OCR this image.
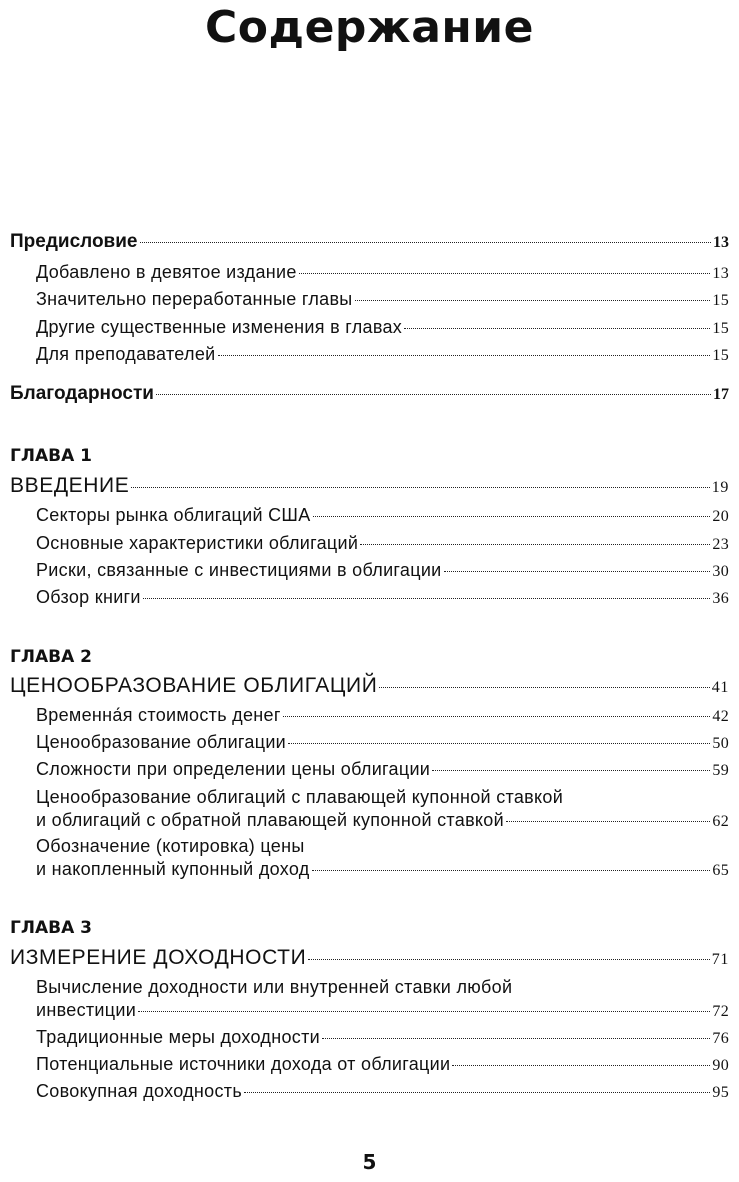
Содержание
Предисловие	13
Добавлено в девятое издание	13
Значительно переработанные главы	15
Другие существенные изменения в главах	15
Для преподавателей	15
Благодарности	17
ГЛАВА 1
ВВЕДЕНИЕ	19
Секторы рынка облигаций США	20
Основные характеристики облигаций	23
Риски, связанные с инвестициями в облигации	30
Обзор книги	36
ГЛАВА 2
ЦЕНООБРАЗОВАНИЕ ОБЛИГАЦИЙ	41
Временна́я стоимость денег	42
Ценообразование облигации	50
Сложности при определении цены облигации	59
Ценообразование облигаций с плавающей купонной ставкой
и облигаций с обратной плавающей купонной ставкой	62
Обозначение (котировка) цены
и накопленный купонный доход	65
ГЛАВА 3
ИЗМЕРЕНИЕ ДОХОДНОСТИ	71
Вычисление доходности или внутренней ставки любой
инвестиции	72
Традиционные меры доходности	76
Потенциальные источники дохода от облигации	90
Совокупная доходность	95
5
